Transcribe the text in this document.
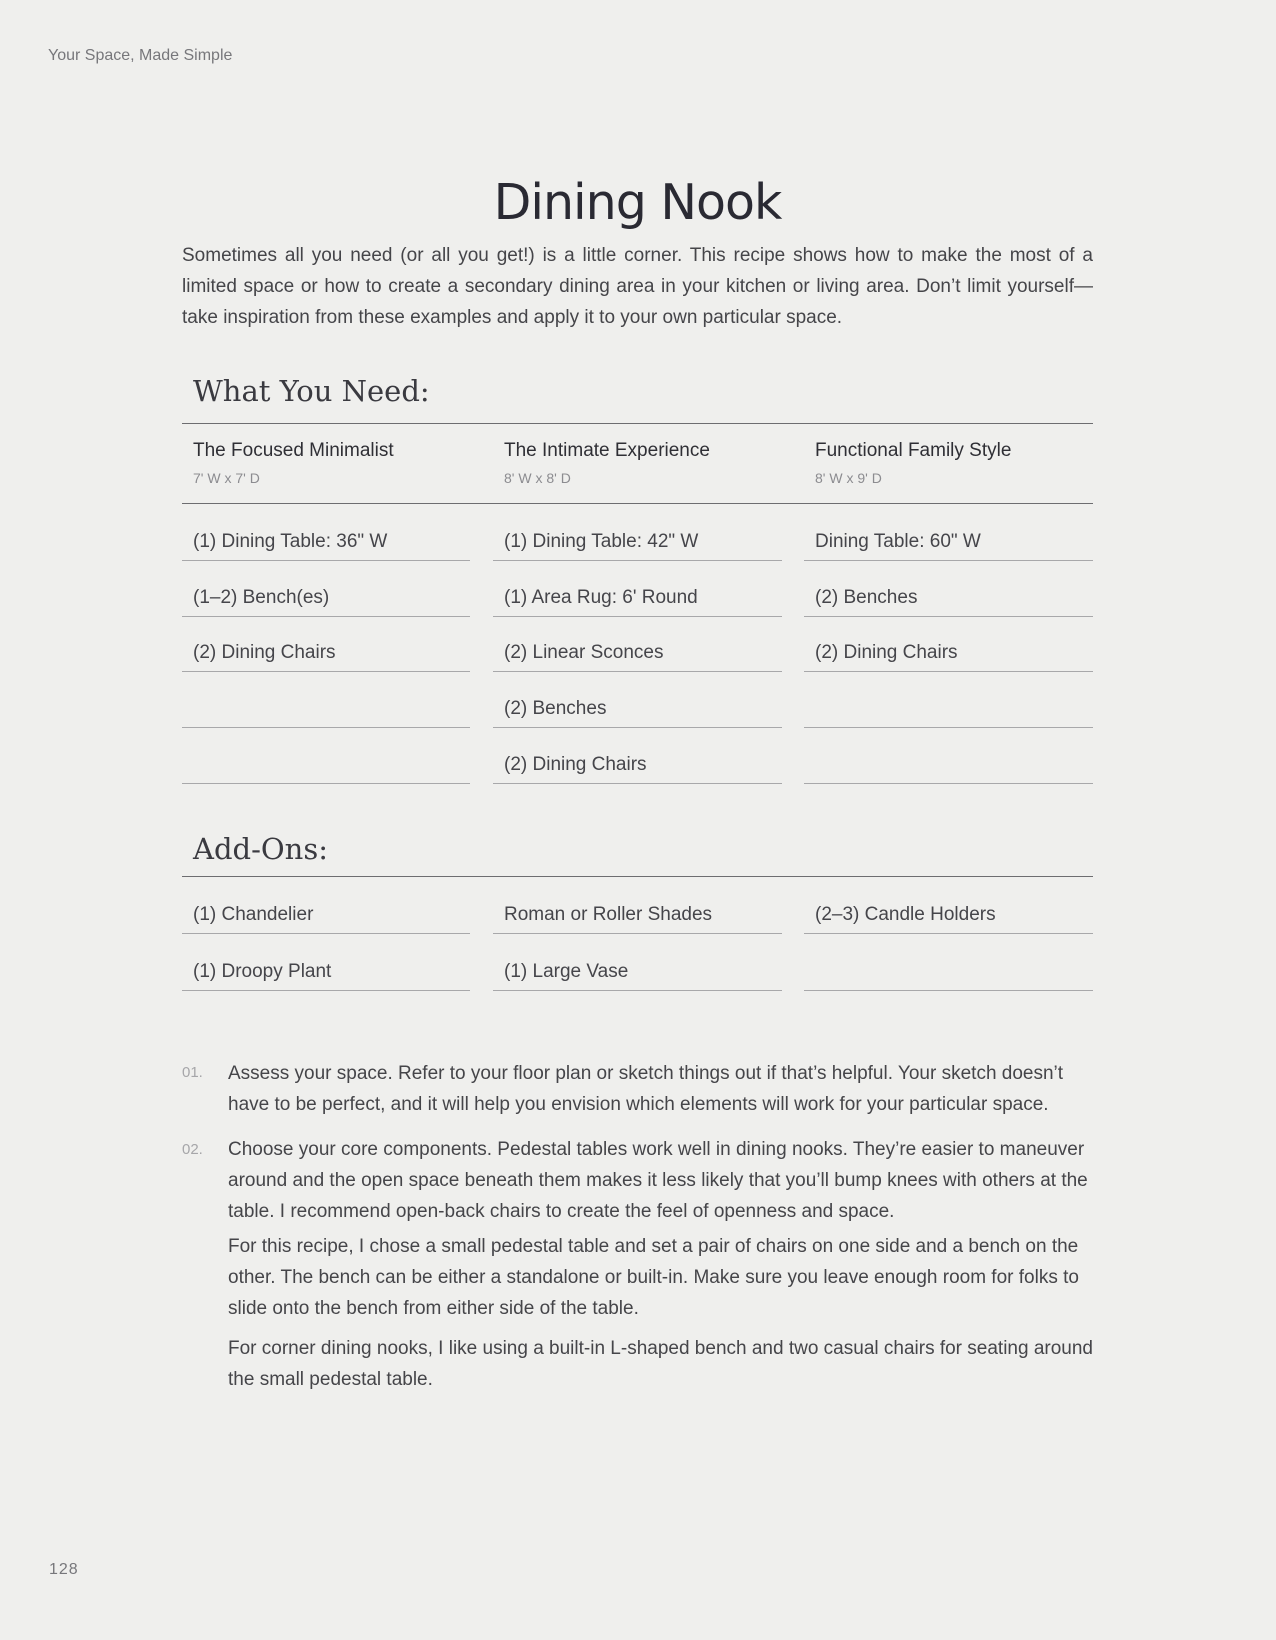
Your Space, Made Simple
Dining Nook

Sometimes all you need (or all you get!) is a little corner. This recipe shows how to make the most of a limited space or how to create a secondary dining area in your kitchen or living area. Don’t limit yourself—take inspiration from these examples and apply it to your own particular space.

What You Need:
The Focused Minimalist
7' W x 7' D
The Intimate Experience
8' W x 8' D
Functional Family Style
8' W x 9' D
(1) Dining Table: 36" W
(1–2) Bench(es)
(2) Dining Chairs
(1) Dining Table: 42" W
(1) Area Rug: 6' Round
(2) Linear Sconces
(2) Benches
(2) Dining Chairs
Dining Table: 60" W
(2) Benches
(2) Dining Chairs
Add-Ons:
(1) Chandelier
(1) Droopy Plant
Roman or Roller Shades
(1) Large Vase
(2–3) Candle Holders
01. Assess your space. Refer to your floor plan or sketch things out if that’s helpful. Your sketch doesn’t have to be perfect, and it will help you envision which elements will work for your particular space.

02. Choose your core components. Pedestal tables work well in dining nooks. They’re easier to maneuver around and the open space beneath them makes it less likely that you’ll bump knees with others at the table. I recommend open-back chairs to create the feel of openness and space.

For this recipe, I chose a small pedestal table and set a pair of chairs on one side and a bench on the other. The bench can be either a standalone or built-in. Make sure you leave enough room for folks to slide onto the bench from either side of the table.

For corner dining nooks, I like using a built-in L-shaped bench and two casual chairs for seating around the small pedestal table.

128
